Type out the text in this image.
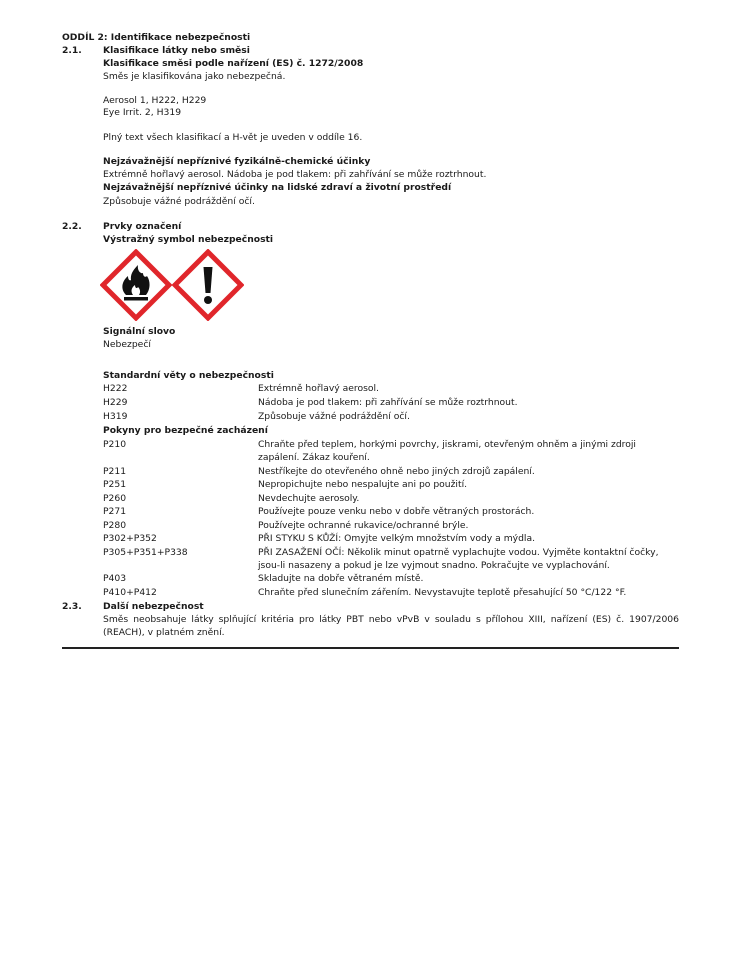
ODDÍL 2: Identifikace nebezpečnosti
2.1. Klasifikace látky nebo směsi
Klasifikace směsi podle nařízení (ES) č. 1272/2008
Směs je klasifikována jako nebezpečná.
Aerosol 1, H222, H229
Eye Irrit. 2, H319
Plný text všech klasifikací a H-vět je uveden v oddíle 16.
Nejzávažnější nepříznivé fyzikálně-chemické účinky
Extrémně hořlavý aerosol. Nádoba je pod tlakem: při zahřívání se může roztrhnout.
Nejzávažnější nepříznivé účinky na lidské zdraví a životní prostředí
Způsobuje vážné podráždění očí.
2.2. Prvky označení
Výstražný symbol nebezpečnosti
Signální slovo
Nebezpečí
Standardní věty o nebezpečnosti
H222	Extrémně hořlavý aerosol.
H229	Nádoba je pod tlakem: při zahřívání se může roztrhnout.
H319	Způsobuje vážné podráždění očí.
Pokyny pro bezpečné zacházení
P210	Chraňte před teplem, horkými povrchy, jiskrami, otevřeným ohněm a jinými zdroji zapálení. Zákaz kouření.
P211	Nestříkejte do otevřeného ohně nebo jiných zdrojů zapálení.
P251	Nepropichujte nebo nespalujte ani po použití.
P260	Nevdechujte aerosoly.
P271	Používejte pouze venku nebo v dobře větraných prostorách.
P280	Používejte ochranné rukavice/ochranné brýle.
P302+P352	PŘI STYKU S KŮŽÍ: Omyjte velkým množstvím vody a mýdla.
P305+P351+P338	PŘI ZASAŽENÍ OČÍ: Několik minut opatrně vyplachujte vodou. Vyjměte kontaktní čočky, jsou-li nasazeny a pokud je lze vyjmout snadno. Pokračujte ve vyplachování.
P403	Skladujte na dobře větraném místě.
P410+P412	Chraňte před slunečním zářením. Nevystavujte teplotě přesahující 50 °C/122 °F.
2.3. Další nebezpečnost
Směs neobsahuje látky splňující kritéria pro látky PBT nebo vPvB v souladu s přílohou XIII, nařízení (ES) č. 1907/2006 (REACH), v platném znění.
